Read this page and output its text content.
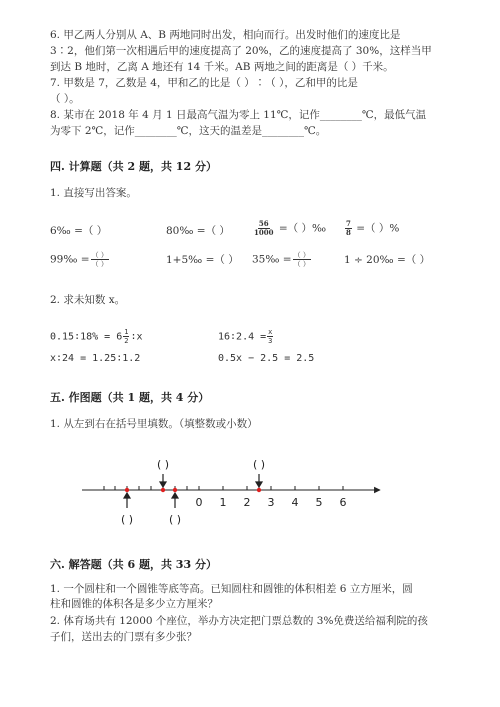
6. 甲乙两人分别从 A、B 两地同时出发，相向而行。出发时他们的速度比是
3∶2，他们第一次相遇后甲的速度提高了 20%，乙的速度提高了 30%，这样当甲
到达 B 地时，乙离 A 地还有 14 千米。AB 两地之间的距离是（ ）千米。
7. 甲数是 7，乙数是 4，甲和乙的比是（ ）∶（ ），乙和甲的比是
（ ）。
8. 某市在 2018 年 4 月 1 日最高气温为零上 11℃，记作________℃，最低气温
为零下 2℃，记作________℃，这天的温差是________℃。
四. 计算题（共 2 题，共 12 分）
1. 直接写出答案。
6‰ =（ ）	80‰ =（ ）	$\frac{56}{1000}$ =（ ）‰	$\frac{7}{8}$ =（ ）%
99‰ = $\frac{( )}{( )}$	1+5‰ =（ ） 35‰ = $\frac{( )}{( )}$	1 ÷ 20‰ =（ ）
2. 求未知数 x。
0.15∶18% = $6 \frac{1}{2}$ ∶x	16∶2.4 = $\frac{x}{3}$
x∶24 = 1.25∶1.2	0.5x − 2.5 = 2.5
五. 作图题（共 1 题，共 4 分）
1. 从左到右在括号里填数。（填整数或小数）
( )	( )
( )	( )
0 1 2 3 4 5 6
六. 解答题（共 6 题，共 33 分）
1. 一个圆柱和一个圆锥等底等高。已知圆柱和圆锥的体积相差 6 立方厘米，圆
柱和圆锥的体积各是多少立方厘米？
2. 体育场共有 12000 个座位，举办方决定把门票总数的 3%免费送给福利院的孩
子们，送出去的门票有多少张？
